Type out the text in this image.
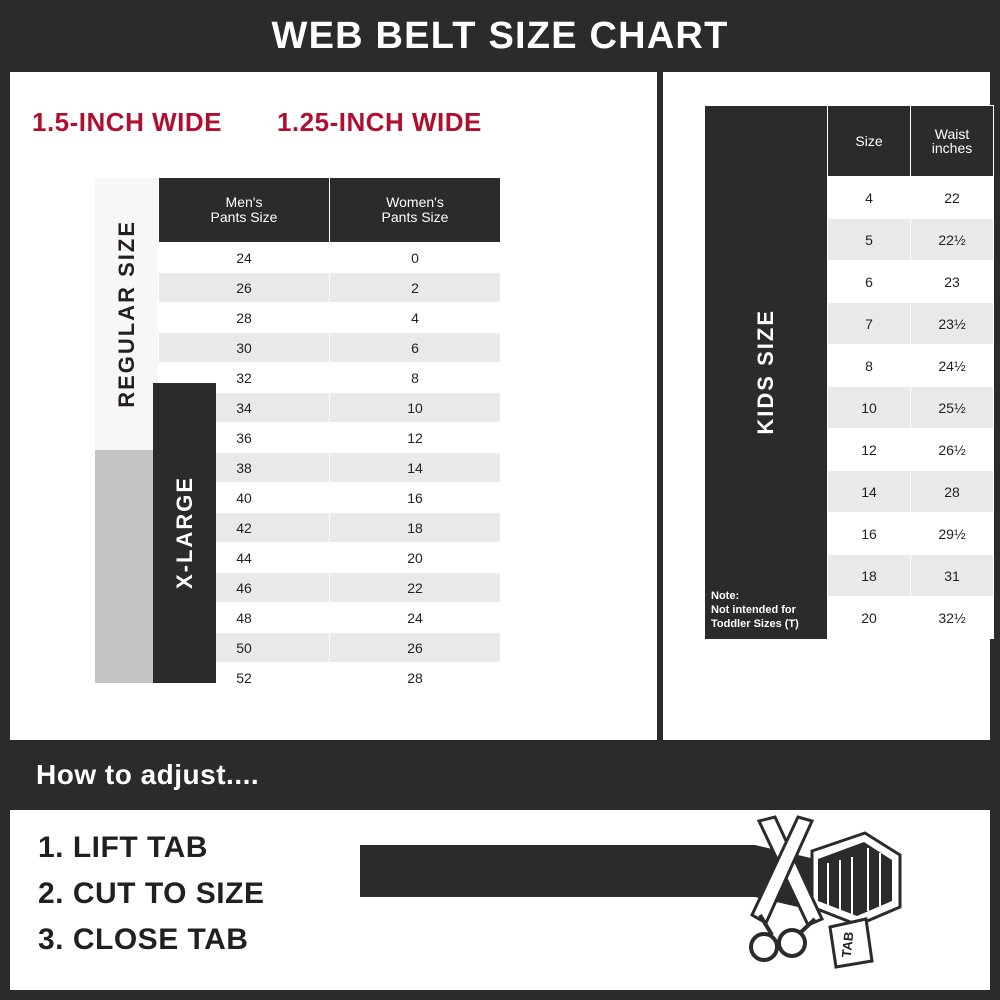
WEB BELT SIZE CHART
1.5-INCH WIDE 1.25-INCH WIDE
REGULAR SIZE
X-LARGE

Men's
Pants Size

Women's
Pants Size

	24	0
	26	2
	28	4
	30	6
	32	8
	34	10
	36	12
	38	14
	40	16
	42	18
	44	20
	46	22
	48	24
	50	26
	52	28
KIDS SIZE
Note:
Not intended for
Toddler Sizes (T)

Size	Waist
inches

	4	22
	5	22½
	6	23
	7	23½
	8	24½
	10	25½
	12	26½
	14	28
	16	29½
	18	31
	20	32½
How to adjust....
1. LIFT TAB
2. CUT TO SIZE
3. CLOSE TAB	TAB
